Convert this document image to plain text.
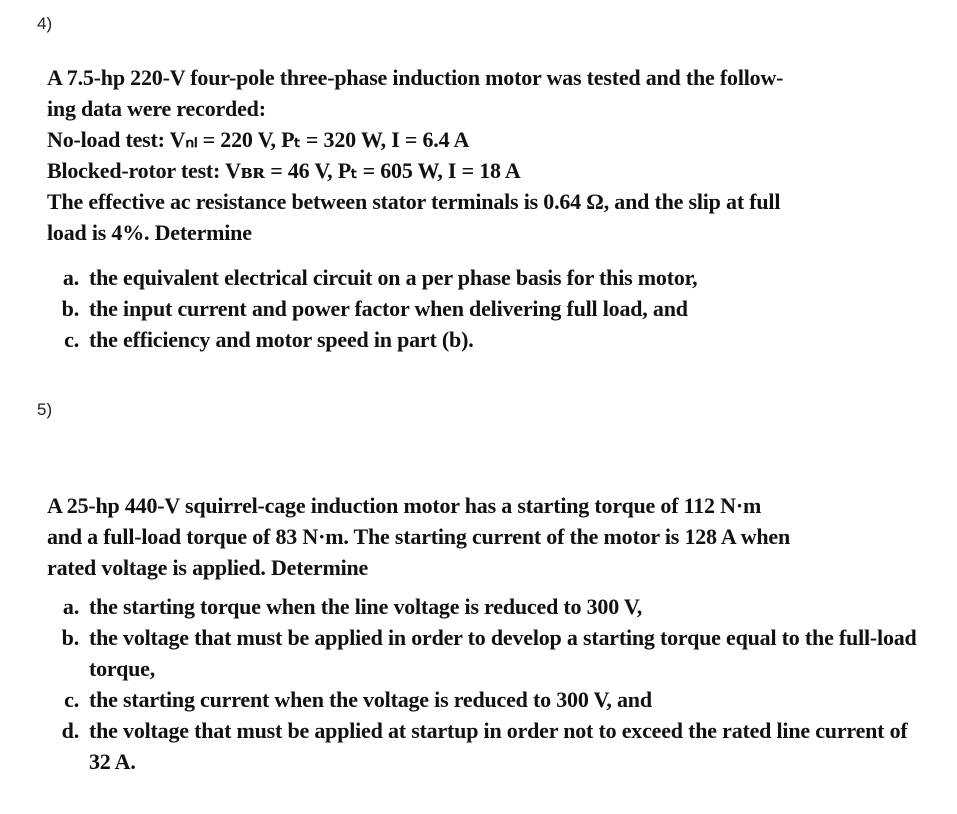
4)
A 7.5-hp 220-V four-pole three-phase induction motor was tested and the follow-
ing data were recorded:
No-load test: Vₙₗ = 220 V, Pₜ = 320 W, I = 6.4 A
Blocked-rotor test: Vʙʀ = 46 V, Pₜ = 605 W, I = 18 A
The effective ac resistance between stator terminals is 0.64 Ω, and the slip at full
load is 4%. Determine
a. the equivalent electrical circuit on a per phase basis for this motor,
b. the input current and power factor when delivering full load, and
c. the efficiency and motor speed in part (b).
5)
A 25-hp 440-V squirrel-cage induction motor has a starting torque of 112 N·m
and a full-load torque of 83 N·m. The starting current of the motor is 128 A when
rated voltage is applied. Determine
a. the starting torque when the line voltage is reduced to 300 V,
b. the voltage that must be applied in order to develop a starting torque equal to the full-load torque,
c. the starting current when the voltage is reduced to 300 V, and
d. the voltage that must be applied at startup in order not to exceed the rated line current of 32 A.
